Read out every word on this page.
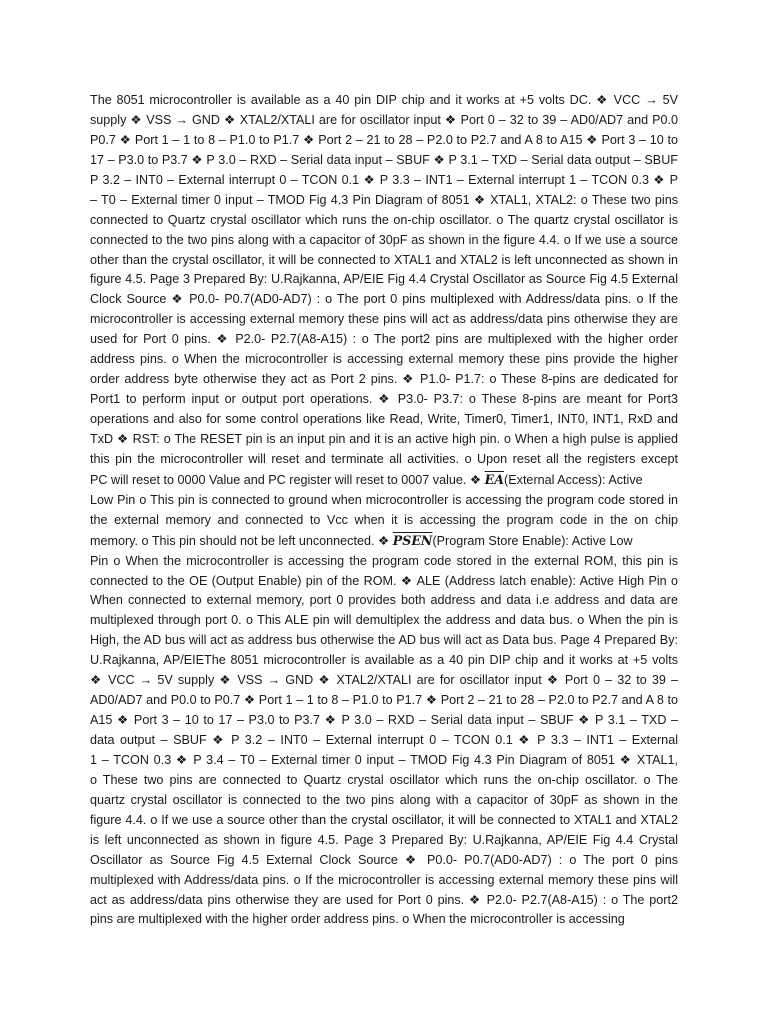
The 8051 microcontroller is available as a 40 pin DIP chip and it works at +5 volts DC. ❖ VCC → 5V
supply ❖ VSS → GND ❖ XTAL2/XTALI are for oscillator input ❖ Port 0 – 32 to 39 – AD0/AD7 and P0.0
P0.7 ❖ Port 1 – 1 to 8 – P1.0 to P1.7 ❖ Port 2 – 21 to 28 – P2.0 to P2.7 and A 8 to A15 ❖ Port 3 – 10 to
17 – P3.0 to P3.7 ❖ P 3.0 – RXD – Serial data input – SBUF ❖ P 3.1 – TXD – Serial data output – SBUF
P 3.2 – INT0 – External interrupt 0 – TCON 0.1 ❖ P 3.3 – INT1 – External interrupt 1 – TCON 0.3 ❖ P
– T0 – External timer 0 input – TMOD Fig 4.3 Pin Diagram of 8051 ❖ XTAL1, XTAL2: o These two pins
connected to Quartz crystal oscillator which runs the on-chip oscillator. o The quartz crystal oscillator is
connected to the two pins along with a capacitor of 30pF as shown in the figure 4.4. o If we use a source
other than the crystal oscillator, it will be connected to XTAL1 and XTAL2 is left unconnected as shown in
figure 4.5. Page 3 Prepared By: U.Rajkanna, AP/EIE Fig 4.4 Crystal Oscillator as Source Fig 4.5 External
Clock Source ❖ P0.0- P0.7(AD0-AD7) : o The port 0 pins multiplexed with Address/data pins. o If the
microcontroller is accessing external memory these pins will act as address/data pins otherwise they are
used for Port 0 pins. ❖ P2.0- P2.7(A8-A15) : o The port2 pins are multiplexed with the higher order
address pins. o When the microcontroller is accessing external memory these pins provide the higher
order address byte otherwise they act as Port 2 pins. ❖ P1.0- P1.7: o These 8-pins are dedicated for
Port1 to perform input or output port operations. ❖ P3.0- P3.7: o These 8-pins are meant for Port3
operations and also for some control operations like Read, Write, Timer0, Timer1, INT0, INT1, RxD and
TxD ❖ RST: o The RESET pin is an input pin and it is an active high pin. o When a high pulse is applied
this pin the microcontroller will reset and terminate all activities. o Upon reset all the registers except
PC will reset to 0000 Value and PC register will reset to 0007 value. ❖ $\overline{EA}(External$ Access): Active
Low Pin o This pin is connected to ground when microcontroller is accessing the program code stored in
the external memory and connected to Vcc when it is accessing the program code in the on chip
memory. o This pin should not be left unconnected. ❖ PSEN(Program Store Enable): Active Low
Pin o When the microcontroller is accessing the program code stored in the external ROM, this pin is
connected to the OE (Output Enable) pin of the ROM. ❖ ALE (Address latch enable): Active High Pin o
When connected to external memory, port 0 provides both address and data i.e address and data are
multiplexed through port 0. o This ALE pin will demultiplex the address and data bus. o When the pin is
High, the AD bus will act as address bus otherwise the AD bus will act as Data bus. Page 4 Prepared By:
U.Rajkanna, AP/EIEThe 8051 microcontroller is available as a 40 pin DIP chip and it works at +5 volts
❖ VCC → 5V supply ❖ VSS → GND ❖ XTAL2/XTALI are for oscillator input ❖ Port 0 – 32 to 39 –
AD0/AD7 and P0.0 to P0.7 ❖ Port 1 – 1 to 8 – P1.0 to P1.7 ❖ Port 2 – 21 to 28 – P2.0 to P2.7 and A 8 to
A15 ❖ Port 3 – 10 to 17 – P3.0 to P3.7 ❖ P 3.0 – RXD – Serial data input – SBUF ❖ P 3.1 – TXD –
data output – SBUF ❖ P 3.2 – INT0 – External interrupt 0 – TCON 0.1 ❖ P 3.3 – INT1 – External
1 – TCON 0.3 ❖ P 3.4 – T0 – External timer 0 input – TMOD Fig 4.3 Pin Diagram of 8051 ❖ XTAL1,
o These two pins are connected to Quartz crystal oscillator which runs the on-chip oscillator. o The
quartz crystal oscillator is connected to the two pins along with a capacitor of 30pF as shown in the
figure 4.4. o If we use a source other than the crystal oscillator, it will be connected to XTAL1 and XTAL2
is left unconnected as shown in figure 4.5. Page 3 Prepared By: U.Rajkanna, AP/EIE Fig 4.4 Crystal
Oscillator as Source Fig 4.5 External Clock Source ❖ P0.0- P0.7(AD0-AD7) : o The port 0 pins
multiplexed with Address/data pins. o If the microcontroller is accessing external memory these pins will
act as address/data pins otherwise they are used for Port 0 pins. ❖ P2.0- P2.7(A8-A15) : o The port2
pins are multiplexed with the higher order address pins. o When the microcontroller is accessing
